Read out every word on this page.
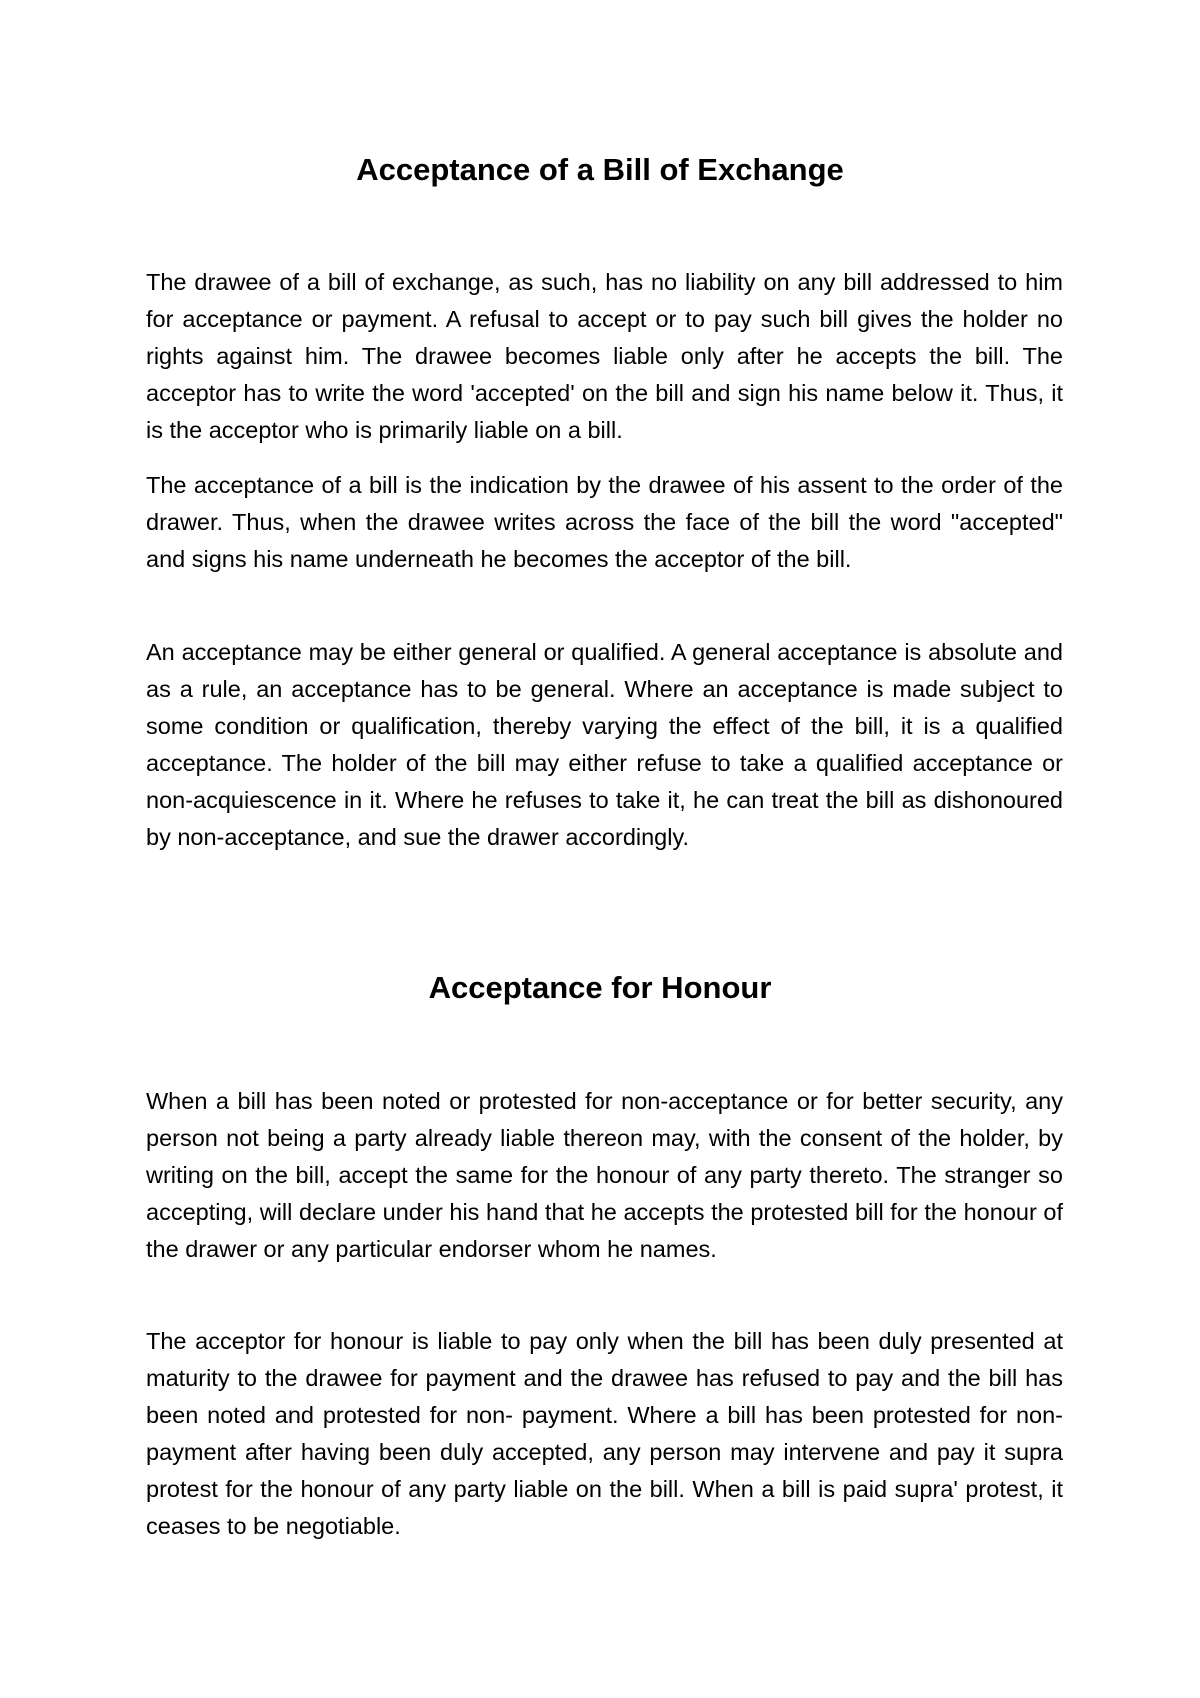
Acceptance of a Bill of Exchange

The drawee of a bill of exchange, as such, has no liability on any bill addressed to him for acceptance or payment. A refusal to accept or to pay such bill gives the holder no rights against him. The drawee becomes liable only after he accepts the bill. The acceptor has to write the word 'accepted' on the bill and sign his name below it. Thus, it is the acceptor who is primarily liable on a bill.

The acceptance of a bill is the indication by the drawee of his assent to the order of the drawer. Thus, when the drawee writes across the face of the bill the word "accepted" and signs his name underneath he becomes the acceptor of the bill.

An acceptance may be either general or qualified. A general acceptance is absolute and as a rule, an acceptance has to be general. Where an acceptance is made subject to some condition or qualification, thereby varying the effect of the bill, it is a qualified acceptance. The holder of the bill may either refuse to take a qualified acceptance or non-acquiescence in it. Where he refuses to take it, he can treat the bill as dishonoured by non-acceptance, and sue the drawer accordingly.

Acceptance for Honour

When a bill has been noted or protested for non-acceptance or for better security, any person not being a party already liable thereon may, with the consent of the holder, by writing on the bill, accept the same for the honour of any party thereto. The stranger so accepting, will declare under his hand that he accepts the protested bill for the honour of the drawer or any particular endorser whom he names.

The acceptor for honour is liable to pay only when the bill has been duly presented at maturity to the drawee for payment and the drawee has refused to pay and the bill has been noted and protested for non- payment. Where a bill has been protested for non-payment after having been duly accepted, any person may intervene and pay it supra protest for the honour of any party liable on the bill. When a bill is paid supra' protest, it ceases to be negotiable.
